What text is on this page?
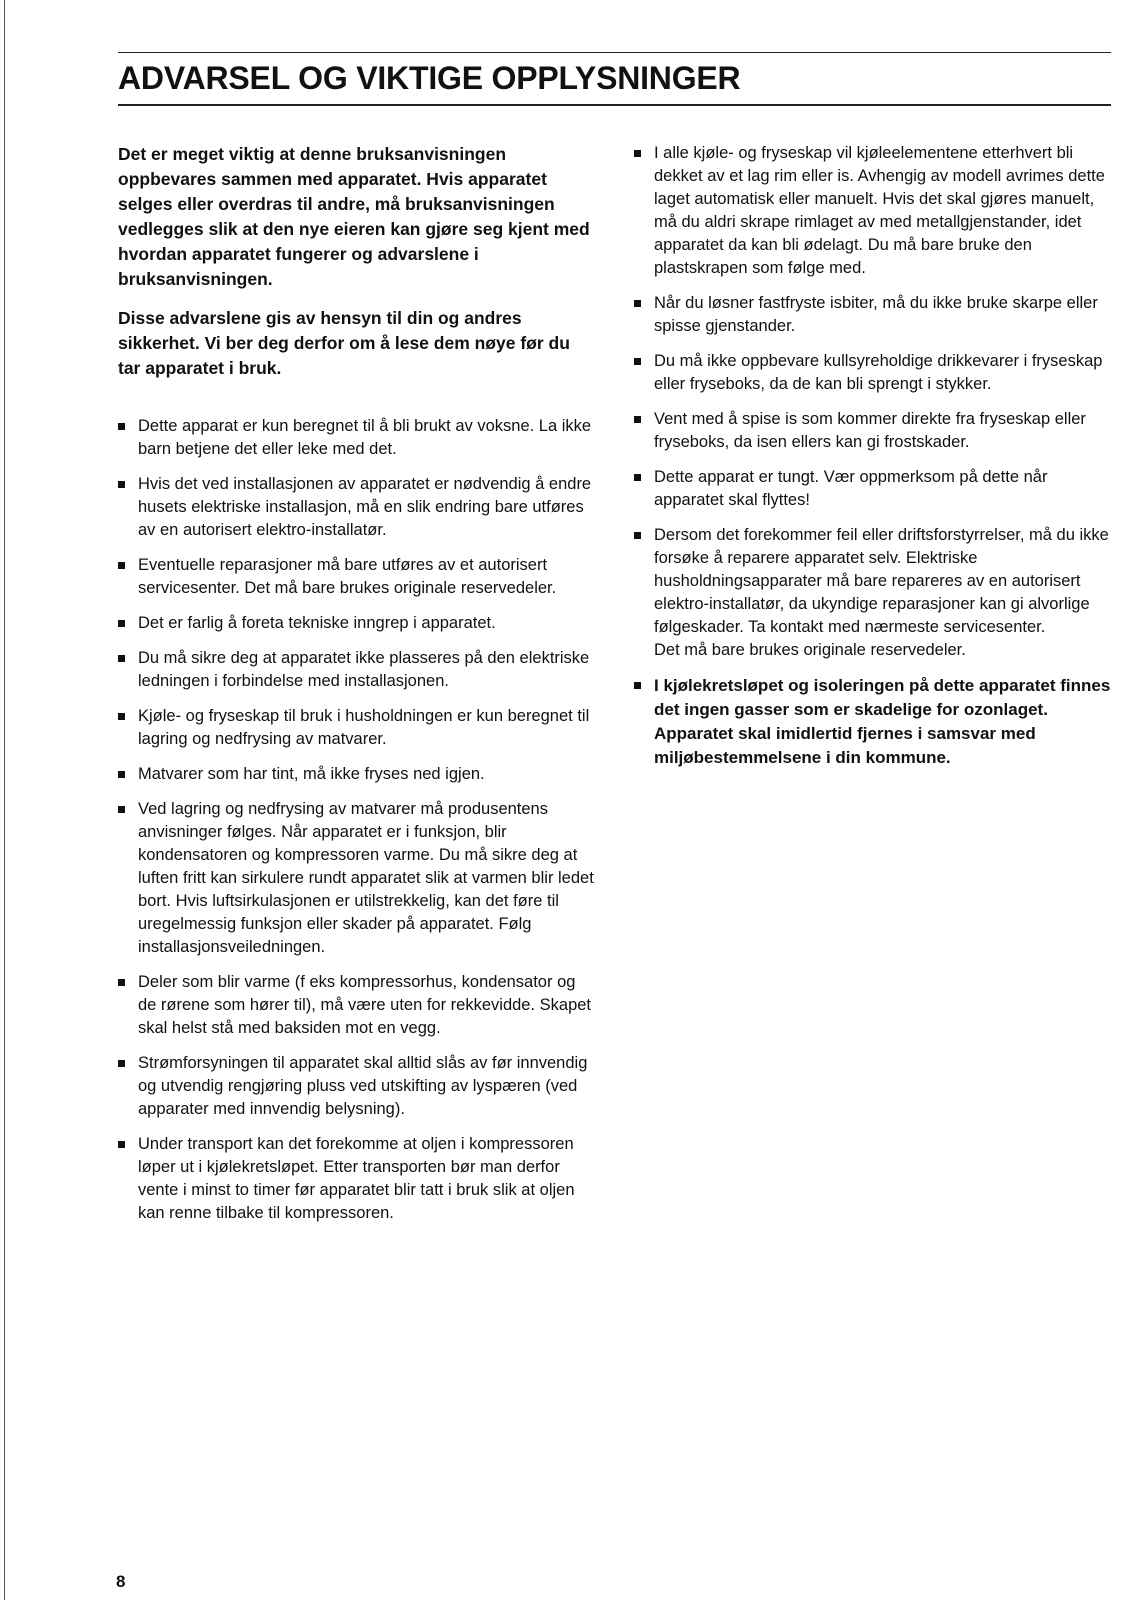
ADVARSEL OG VIKTIGE OPPLYSNINGER

Det er meget viktig at denne bruksanvisningen oppbevares sammen med apparatet. Hvis apparatet selges eller overdras til andre, må bruksanvisningen vedlegges slik at den nye eieren kan gjøre seg kjent med hvordan apparatet fungerer og advarslene i bruksanvisningen.

Disse advarslene gis av hensyn til din og andres sikkerhet. Vi ber deg derfor om å lese dem nøye før du tar apparatet i bruk.

Dette apparat er kun beregnet til å bli brukt av voksne. La ikke barn betjene det eller leke med det.
Hvis det ved installasjonen av apparatet er nødvendig å endre husets elektriske installasjon, må en slik endring bare utføres av en autorisert elektro-installatør.
Eventuelle reparasjoner må bare utføres av et autorisert servicesenter. Det må bare brukes originale reservedeler.
Det er farlig å foreta tekniske inngrep i apparatet.
Du må sikre deg at apparatet ikke plasseres på den elektriske ledningen i forbindelse med installasjonen.
Kjøle- og fryseskap til bruk i husholdningen er kun beregnet til lagring og nedfrysing av matvarer.
Matvarer som har tint, må ikke fryses ned igjen.
Ved lagring og nedfrysing av matvarer må produsentens anvisninger følges. Når apparatet er i funksjon, blir kondensatoren og kompressoren varme. Du må sikre deg at luften fritt kan sirkulere rundt apparatet slik at varmen blir ledet bort. Hvis luftsirkulasjonen er utilstrekkelig, kan det føre til uregelmessig funksjon eller skader på apparatet. Følg installasjonsveiledningen.
Deler som blir varme (f eks kompressorhus, kondensator og de rørene som hører til), må være uten for rekkevidde. Skapet skal helst stå med baksiden mot en vegg.
Strømforsyningen til apparatet skal alltid slås av før innvendig og utvendig rengjøring pluss ved utskifting av lyspæren (ved apparater med innvendig belysning).
Under transport kan det forekomme at oljen i kompressoren løper ut i kjølekretsløpet. Etter transporten bør man derfor vente i minst to timer før apparatet blir tatt i bruk slik at oljen kan renne tilbake til kompressoren.
I alle kjøle- og fryseskap vil kjøleelementene etterhvert bli dekket av et lag rim eller is. Avhengig av modell avrimes dette laget automatisk eller manuelt. Hvis det skal gjøres manuelt, må du aldri skrape rimlaget av med metallgjenstander, idet apparatet da kan bli ødelagt. Du må bare bruke den plastskrapen som følge med.
Når du løsner fastfryste isbiter, må du ikke bruke skarpe eller spisse gjenstander.
Du må ikke oppbevare kullsyreholdige drikkevarer i fryseskap eller fryseboks, da de kan bli sprengt i stykker.
Vent med å spise is som kommer direkte fra fryseskap eller fryseboks, da isen ellers kan gi frostskader.
Dette apparat er tungt. Vær oppmerksom på dette når apparatet skal flyttes!
Dersom det forekommer feil eller driftsforstyrrelser, må du ikke forsøke å reparere apparatet selv. Elektriske husholdningsapparater må bare repareres av en autorisert elektro-installatør, da ukyndige reparasjoner kan gi alvorlige følgeskader. Ta kontakt med nærmeste servicesenter.
Det må bare brukes originale reservedeler.
I kjølekretsløpet og isoleringen på dette apparatet finnes det ingen gasser som er skadelige for ozonlaget. Apparatet skal imidlertid fjernes i samsvar med miljøbestemmelsene i din kommune.

8
